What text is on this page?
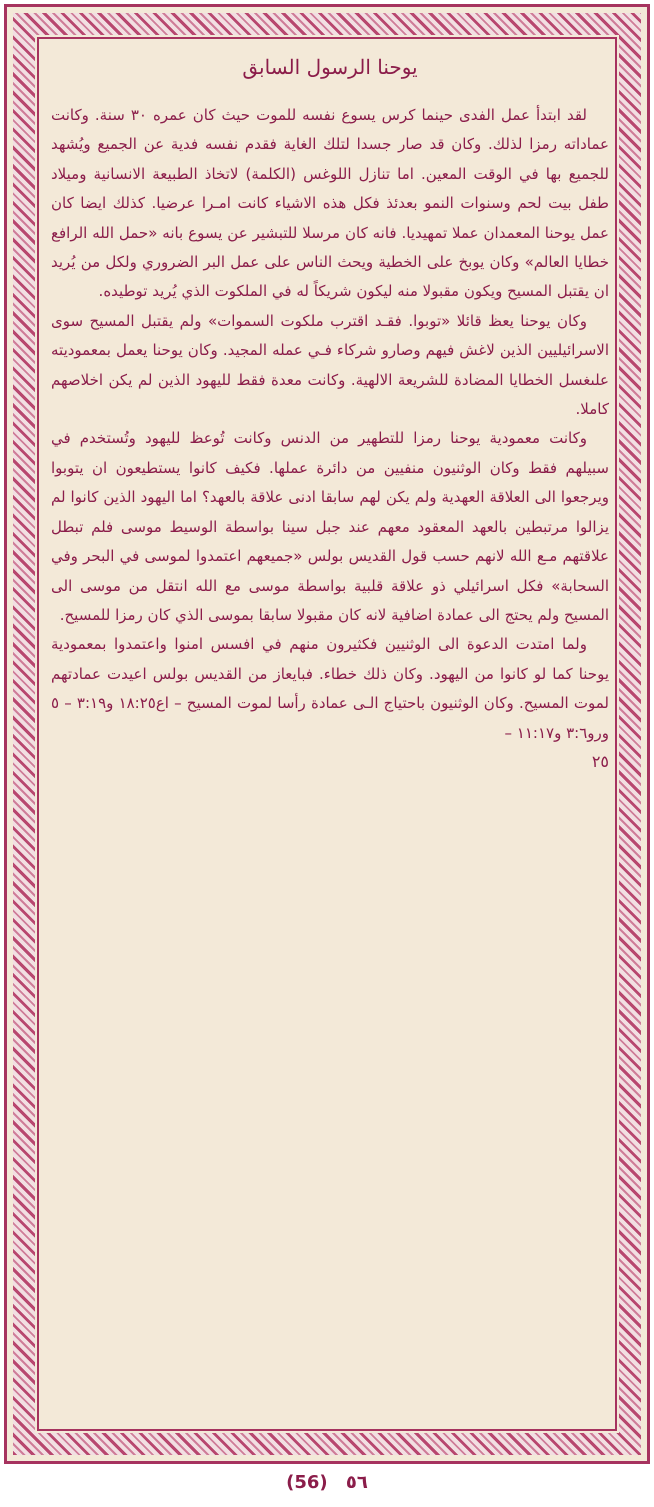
يوحنا الرسول السابق

لقد ابتدأ عمل الفدى حينما كرس يسوع نفسه للموت حيث كان عمره ٣٠ سنة. وكانت عماداته رمزا لذلك. وكان قد صار جسدا لتلك الغاية فقدم نفسه فدية عن الجميع ويُشهد للجميع بها في الوقت المعين. اما تنازل اللوغس (الكلمة) لاتخاذ الطبيعة الانسانية وميلاد طفل بيت لحم وسنوات النمو بعدئذ فكل هذه الاشياء كانت امـرا عرضيا. كذلك ايضا كان عمل يوحنا المعمدان عملا تمهيديا. فانه كان مرسلا للتبشير عن يسوع بانه «حمل الله الرافع خطايا العالم» وكان يوبخ على الخطية ويحث الناس على عمل البر الضروري ولكل من يُريد ان يقتبل المسيح ويكون مقبولا منه ليكون شريكاً له في الملكوت الذي يُريد توطيده.

وكان يوحنا يعظ قائلا «توبوا. فقـد اقترب ملكوت السموات» ولم يقتبل المسيح سوى الاسرائيليين الذين لاغش فيهم وصارو شركاء فـي عمله المجيد. وكان يوحنا يعمل بمعموديته علىغسل الخطايا المضادة للشريعة الالهية. وكانت معدة فقط لليهود الذين لم يكن اخلاصهم كاملا.

وكانت معمودية يوحنا رمزا للتطهير من الدنس وكانت تُوعظ لليهود وتُستخدم في سبيلهم فقط وكان الوثنيون منفيين من دائرة عملها. فكيف كانوا يستطيعون ان يتوبوا ويرجعوا الى العلاقة العهدية ولم يكن لهم سابقا ادنى علاقة بالعهد؟ اما اليهود الذين كانوا لم يزالوا مرتبطين بالعهد المعقود معهم عند جبل سينا بواسطة الوسيط موسى فلم تبطل علاقتهم مـع الله لانهم حسب قول القديس بولس «جميعهم اعتمدوا لموسى في البحر وفي السحابة» فكل اسرائيلي ذو علاقة قلبية بواسطة موسى مع الله انتقل من موسى الى المسيح ولم يحتج الى عمادة اضافية لانه كان مقبولا سابقا بموسى الذي كان رمزا للمسيح.

ولما امتدت الدعوة الى الوثنيين فكثيرون منهم في افسس امنوا واعتمدوا بمعمودية يوحنا كما لو كانوا من اليهود. وكان ذلك خطاء. فبايعاز من القديس بولس اعيدت عمادتهم لموت المسيح. وكان الوثنيون باحتياج الـى عمادة رأسا لموت المسيح – اع١٨:٢٥ و٣:١٩ – ٥ ورو٣:٦ و١١:١٧ –

٢٥
(56) ٥٦
